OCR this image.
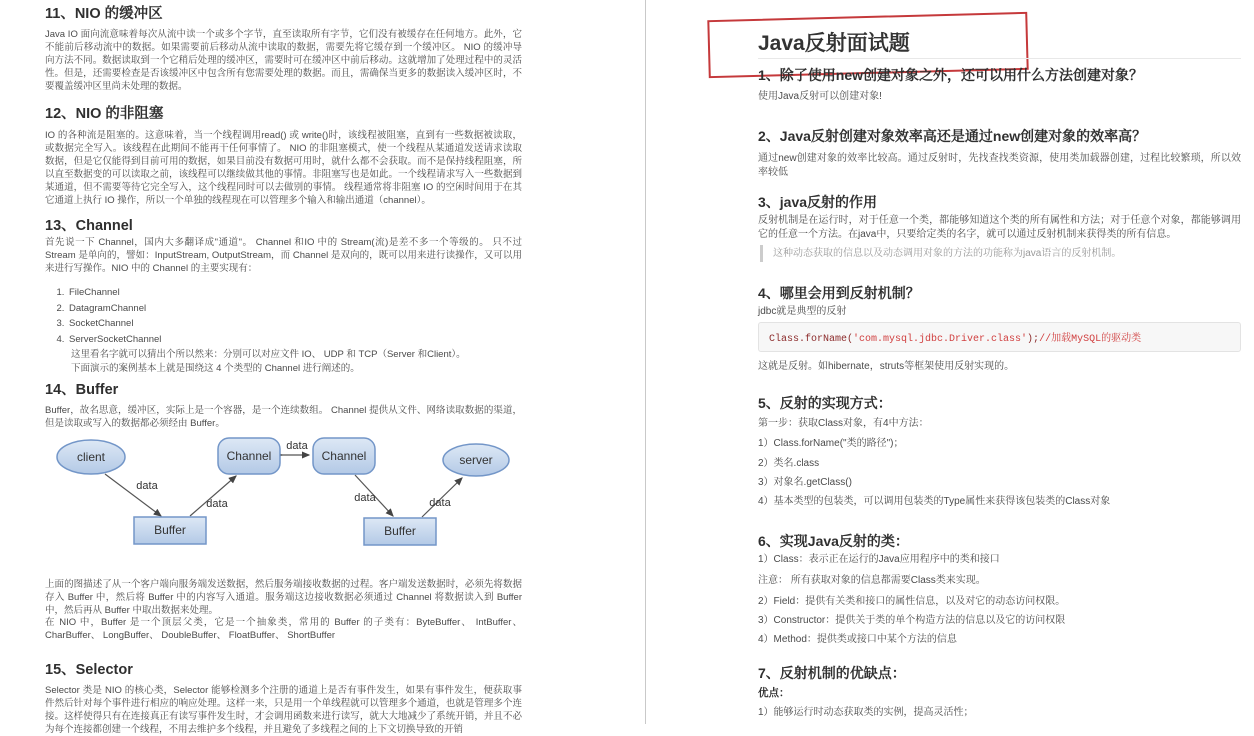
11、NIO 的缓冲区
Java IO 面向流意味着每次从流中读一个或多个字节，直至读取所有字节，它们没有被缓存在任何地方。此外，它不能前后移动流中的数据。如果需要前后移动从流中读取的数据，需要先将它缓存到一个缓冲区。 NIO 的缓冲导向方法不同。数据读取到一个它稍后处理的缓冲区，需要时可在缓冲区中前后移动。这就增加了处理过程中的灵活性。但是，还需要检查是否该缓冲区中包含所有您需要处理的数据。而且，需确保当更多的数据读入缓冲区时，不要覆盖缓冲区里尚未处理的数据。
12、NIO 的非阻塞
IO 的各种流是阻塞的。这意味着，当一个线程调用read() 或 write()时，该线程被阻塞，直到有一些数据被读取，或数据完全写入。该线程在此期间不能再干任何事情了。 NIO 的非阻塞模式，使一个线程从某通道发送请求读取数据，但是它仅能得到目前可用的数据，如果目前没有数据可用时，就什么都不会获取。而不是保持线程阻塞，所以直至数据变的可以读取之前，该线程可以继续做其他的事情。非阻塞写也是如此。一个线程请求写入一些数据到某通道，但不需要等待它完全写入，这个线程同时可以去做别的事情。 线程通常将非阻塞 IO 的空闲时间用于在其它通道上执行 IO 操作，所以一个单独的线程现在可以管理多个输入和输出通道（channel）。
13、Channel
首先说一下 Channel，国内大多翻译成"通道"。 Channel 和IO 中的 Stream(流)是差不多一个等级的。 只不过Stream 是单向的，譬如：InputStream, OutputStream，而 Channel 是双向的，既可以用来进行读操作，又可以用来进行写操作。NIO 中的 Channel 的主要实现有：
1. FileChannel
2. DatagramChannel
3. SocketChannel
4. ServerSocketChannel
这里看名字就可以猜出个所以然来：分别可以对应文件 IO、 UDP 和 TCP（Server 和Client）。
下面演示的案例基本上就是围绕这 4 个类型的 Channel 进行阐述的。
14、Buffer
Buffer，故名思意，缓冲区，实际上是一个容器，是一个连续数组。 Channel 提供从文件、网络读取数据的渠道，但是读取或写入的数据都必须经由 Buffer。
client	Channel	Channel	server
Buffer	Buffer
data
data
data
data	data
上面的图描述了从一个客户端向服务端发送数据，然后服务端接收数据的过程。客户端发送数据时，必须先将数据存入 Buffer 中，然后将 Buffer 中的内容写入通道。服务端这边接收数据必须通过 Channel 将数据读入到 Buffer 中，然后再从 Buffer 中取出数据来处理。
在 NIO 中，Buffer 是一个顶层父类，它是一个抽象类，常用的 Buffer 的子类有：ByteBuffer、 IntBuffer、 CharBuffer、 LongBuffer、 DoubleBuffer、 FloatBuffer、 ShortBuffer
15、Selector
Selector 类是 NIO 的核心类，Selector 能够检测多个注册的通道上是否有事件发生，如果有事件发生，便获取事件然后针对每个事件进行相应的响应处理。这样一来，只是用一个单线程就可以管理多个通道，也就是管理多个连接。这样使得只有在连接真正有读写事件发生时，才会调用函数来进行读写，就大大地减少了系统开销，并且不必为每个连接都创建一个线程，不用去维护多个线程，并且避免了多线程之间的上下文切换导致的开销
Java反射面试题
1、除了使用new创建对象之外，还可以用什么方法创建对象？
使用Java反射可以创建对象!
2、Java反射创建对象效率高还是通过new创建对象的效率高？
通过new创建对象的效率比较高。通过反射时，先找查找类资源，使用类加载器创建，过程比较繁琐，所以效率较低
3、java反射的作用
反射机制是在运行时，对于任意一个类，都能够知道这个类的所有属性和方法；对于任意个对象，都能够调用它的任意一个方法。在java中，只要给定类的名字，就可以通过反射机制来获得类的所有信息。
这种动态获取的信息以及动态调用对象的方法的功能称为java语言的反射机制。
4、哪里会用到反射机制？
jdbc就是典型的反射
Class.forName('com.mysql.jdbc.Driver.class');//加载MySQL的驱动类
这就是反射。如hibernate，struts等框架使用反射实现的。
5、反射的实现方式：
第一步：获取Class对象，有4中方法：
1）Class.forName("类的路径")；
2）类名.class
3）对象名.getClass()
4）基本类型的包装类，可以调用包装类的Type属性来获得该包装类的Class对象
6、实现Java反射的类：
1）Class：表示正在运行的Java应用程序中的类和接口
注意： 所有获取对象的信息都需要Class类来实现。
2）Field：提供有关类和接口的属性信息，以及对它的动态访问权限。
3）Constructor：提供关于类的单个构造方法的信息以及它的访问权限
4）Method：提供类或接口中某个方法的信息
7、反射机制的优缺点：
优点：
1）能够运行时动态获取类的实例，提高灵活性；
